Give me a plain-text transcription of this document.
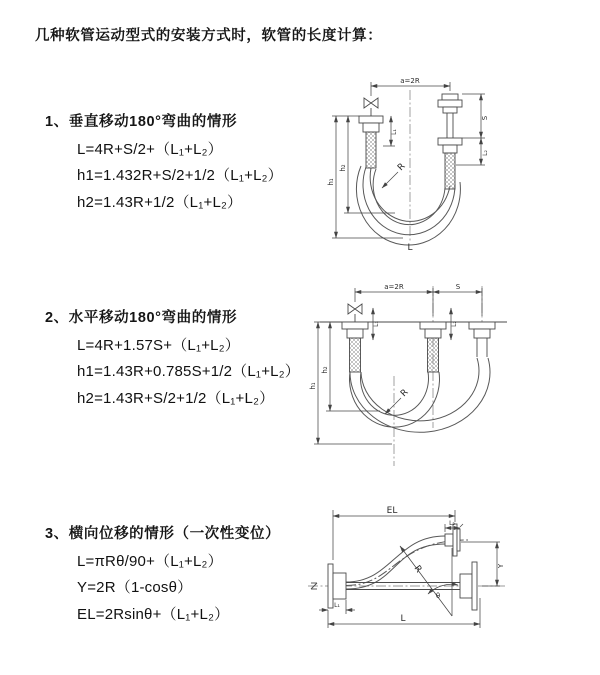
几种软管运动型式的安装方式时，软管的长度计算：
1、垂直移动180°弯曲的情形

L=4R+S/2+（L₁+L₂）

h1=1.432R+S/2+1/2（L₁+L₂）

h2=1.43R+1/2（L₁+L₂）

a=2R
h₁
h₂
L₁
S
L₂
R
L
2、水平移动180°弯曲的情形

L=4R+1.57S+（L₁+L₂）

h1=1.43R+0.785S+1/2（L₁+L₂）

h2=1.43R+S/2+1/2（L₁+L₂）

a=2R	S
h₁
h₂
L₁	L₂
R
3、横向位移的情形（一次性变位）

L=πRθ/90+（L₁+L₂）

Y=2R（1-cosθ）

EL=2Rsinθ+（L₁+L₂）

EL
L₂
Y
R
θ
L₁
L
